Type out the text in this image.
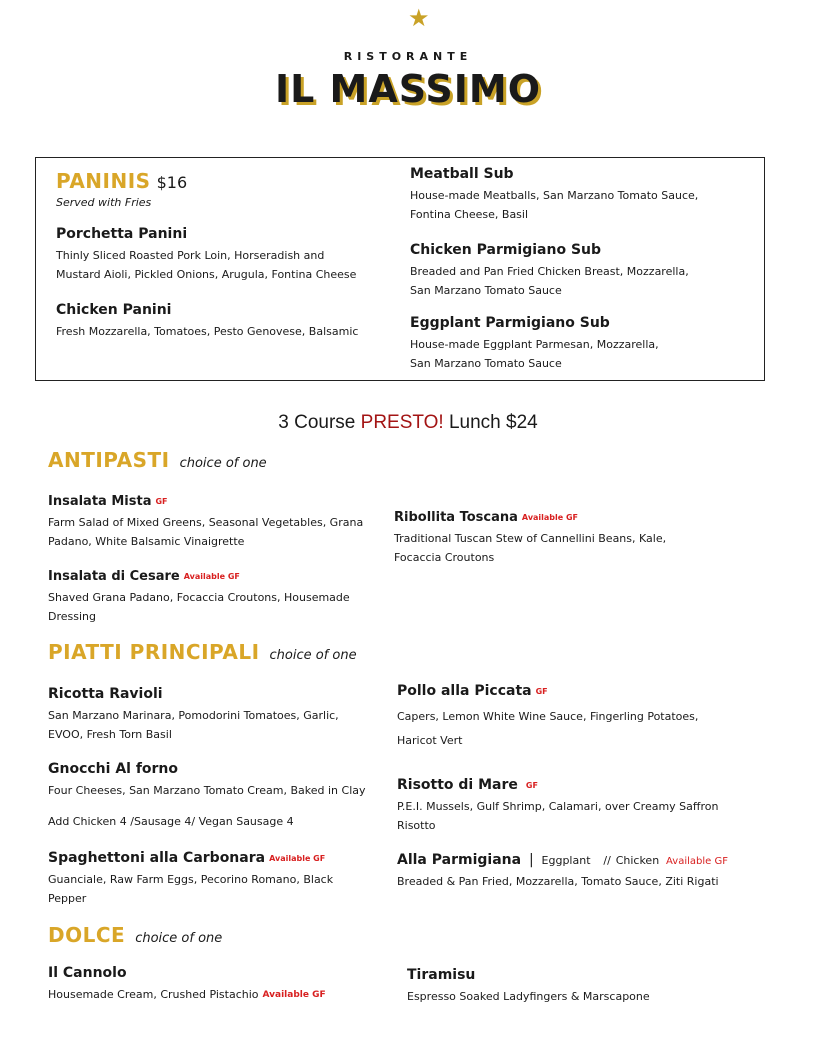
★
RISTORANTE
IL MASSIMO
PANINIS $16
Served with Fries
Porchetta Panini
Thinly Sliced Roasted Pork Loin, Horseradish and
Mustard Aioli, Pickled Onions, Arugula, Fontina Cheese
Chicken Panini
Fresh Mozzarella, Tomatoes, Pesto Genovese, Balsamic
Meatball Sub
House-made Meatballs, San Marzano Tomato Sauce,
Fontina Cheese, Basil
Chicken Parmigiano Sub
Breaded and Pan Fried Chicken Breast, Mozzarella,
San Marzano Tomato Sauce
Eggplant Parmigiano Sub
House-made Eggplant Parmesan, Mozzarella,
San Marzano Tomato Sauce
3 Course PRESTO! Lunch $24
ANTIPASTI choice of one
Insalata Mista GF
Farm Salad of Mixed Greens, Seasonal Vegetables, Grana
Padano, White Balsamic Vinaigrette
Insalata di Cesare Available GF
Shaved Grana Padano, Focaccia Croutons, Housemade
Dressing
Ribollita Toscana Available GF
Traditional Tuscan Stew of Cannellini Beans, Kale,
Focaccia Croutons
PIATTI PRINCIPALI choice of one
Ricotta Ravioli
San Marzano Marinara, Pomodorini Tomatoes, Garlic,
EVOO, Fresh Torn Basil
Gnocchi Al forno
Four Cheeses, San Marzano Tomato Cream, Baked in Clay
Add Chicken 4 /Sausage 4/ Vegan Sausage 4
Spaghettoni alla Carbonara Available GF
Guanciale, Raw Farm Eggs, Pecorino Romano, Black
Pepper
Pollo alla Piccata GF
Capers, Lemon White Wine Sauce, Fingerling Potatoes,
Haricot Vert
Risotto di Mare GF
P.E.I. Mussels, Gulf Shrimp, Calamari, over Creamy Saffron
Risotto
Alla Parmigiana | Eggplant // Chicken Available GF
Breaded & Pan Fried, Mozzarella, Tomato Sauce, Ziti Rigati
DOLCE choice of one
Il Cannolo
Housemade Cream, Crushed Pistachio Available GF
Tiramisu
Espresso Soaked Ladyfingers & Marscapone
